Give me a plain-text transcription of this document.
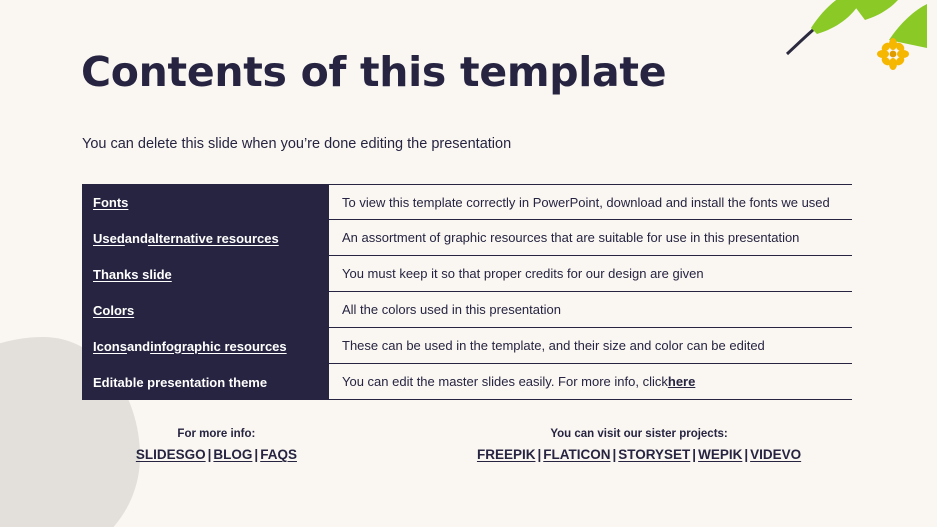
Contents of this template
You can delete this slide when you’re done editing the presentation
Fonts
Used and alternative resources
Thanks slide
Colors
Icons and infographic resources
Editable presentation theme
To view this template correctly in PowerPoint, download and install the fonts we used
An assortment of graphic resources that are suitable for use in this presentation
You must keep it so that proper credits for our design are given
All the colors used in this presentation
These can be used in the template, and their size and color can be edited
You can edit the master slides easily. For more info, click here
For more info:
SLIDESGO | BLOG | FAQS
You can visit our sister projects:
FREEPIK | FLATICON | STORYSET | WEPIK | VIDEVO
